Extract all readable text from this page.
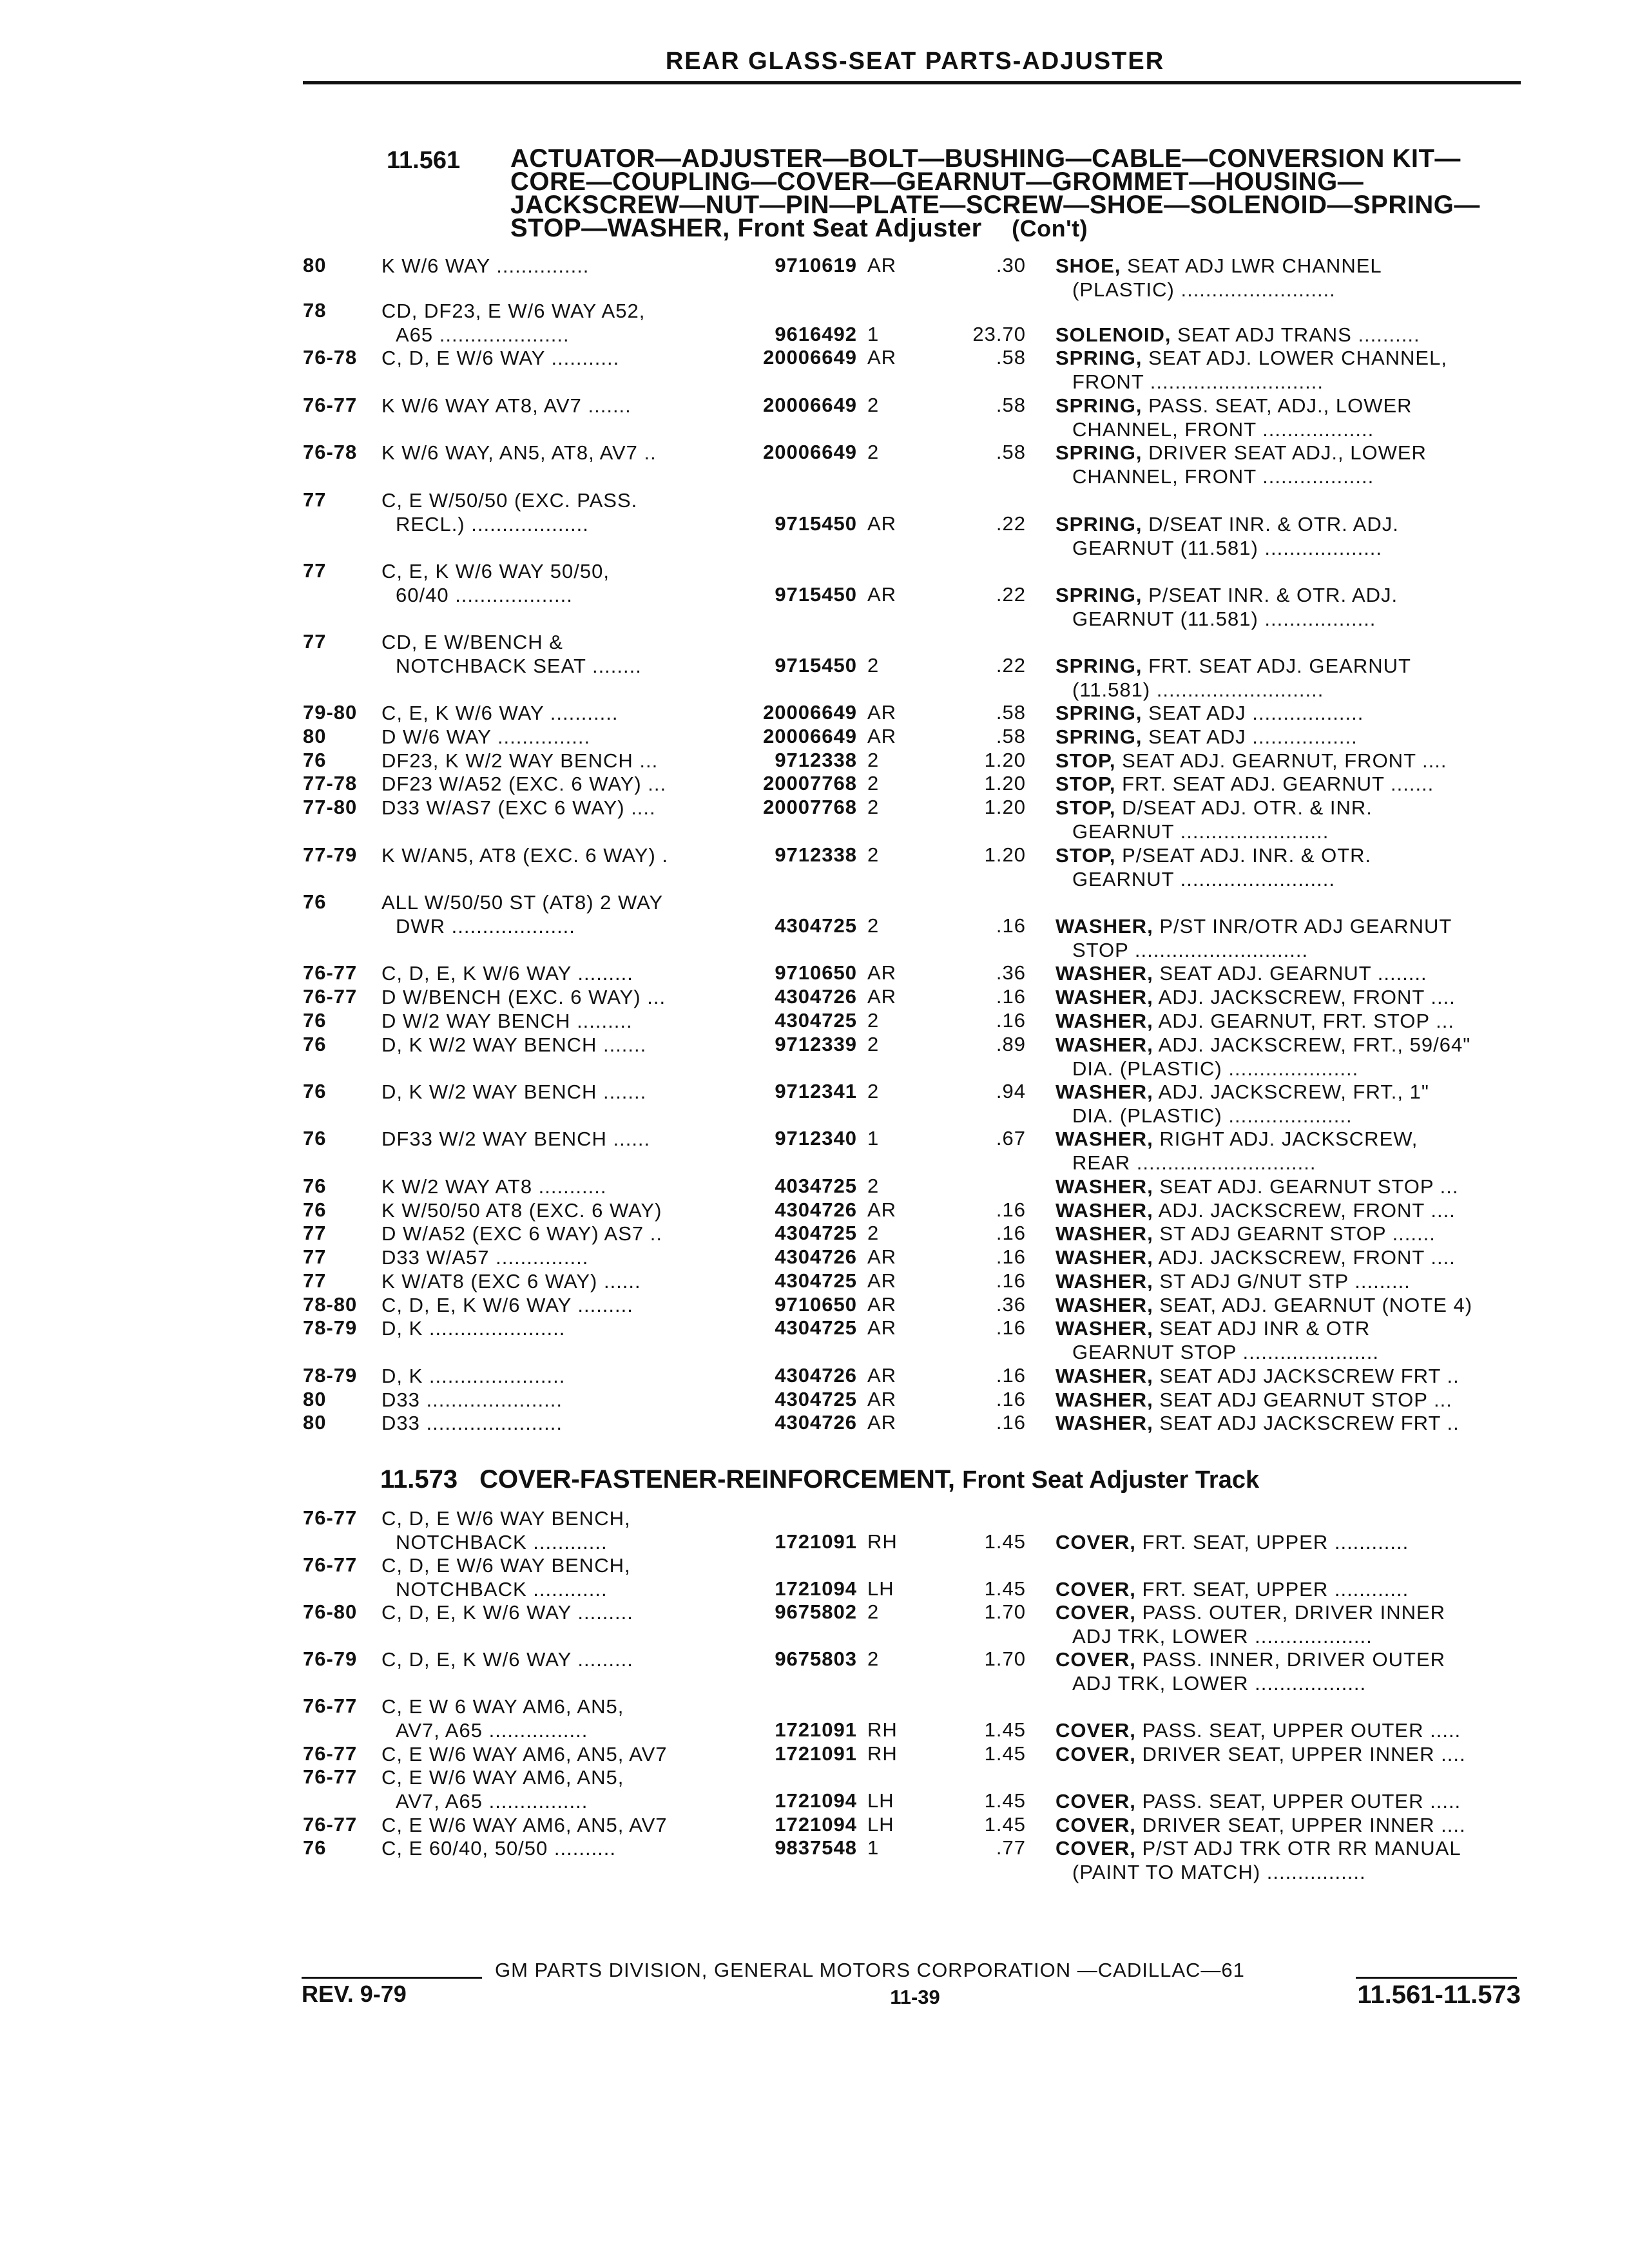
REAR GLASS-SEAT PARTS-ADJUSTER
11.561 ACTUATOR—ADJUSTER—BOLT—BUSHING—CABLE—CONVERSION KIT—
CORE—COUPLING—COVER—GEARNUT—GROMMET—HOUSING—
JACKSCREW—NUT—PIN—PLATE—SCREW—SHOE—SOLENOID—SPRING—
STOP—WASHER, Front Seat Adjuster (Con't)
80	K W/6 WAY ...............	9710619 AR	.30 SHOE, SEAT ADJ LWR CHANNEL
(PLASTIC) .........................
78	CD, DF23, E W/6 WAY A52,
A65 .....................	9616492 1	23.70 SOLENOID, SEAT ADJ TRANS ..........
76-78 C, D, E W/6 WAY ...........	20006649 AR	.58 SPRING, SEAT ADJ. LOWER CHANNEL,
FRONT ............................
76-77 K W/6 WAY AT8, AV7 .......	20006649 2	.58 SPRING, PASS. SEAT, ADJ., LOWER
CHANNEL, FRONT ..................
76-78 K W/6 WAY, AN5, AT8, AV7 ..	20006649 2	.58 SPRING, DRIVER SEAT ADJ., LOWER
CHANNEL, FRONT ..................
77	C, E W/50/50 (EXC. PASS.
RECL.) ...................	9715450 AR	.22 SPRING, D/SEAT INR. & OTR. ADJ.
GEARNUT (11.581) ...................
77	C, E, K W/6 WAY 50/50,
60/40 ...................	9715450 AR	.22 SPRING, P/SEAT INR. & OTR. ADJ.
GEARNUT (11.581) ..................
77	CD, E W/BENCH &
NOTCHBACK SEAT ........	9715450 2	.22 SPRING, FRT. SEAT ADJ. GEARNUT
(11.581) ...........................
79-80 C, E, K W/6 WAY ...........	20006649 AR	.58 SPRING, SEAT ADJ ..................
80	D W/6 WAY ...............	20006649 AR	.58 SPRING, SEAT ADJ .................
76	DF23, K W/2 WAY BENCH ...	9712338 2	1.20 STOP, SEAT ADJ. GEARNUT, FRONT ....
77-78 DF23 W/A52 (EXC. 6 WAY) ...	20007768 2	1.20 STOP, FRT. SEAT ADJ. GEARNUT .......
77-80 D33 W/AS7 (EXC 6 WAY) ....	20007768 2	1.20 STOP, D/SEAT ADJ. OTR. & INR.
GEARNUT ........................
77-79 K W/AN5, AT8 (EXC. 6 WAY) .	9712338 2	1.20 STOP, P/SEAT ADJ. INR. & OTR.
GEARNUT .........................
76	ALL W/50/50 ST (AT8) 2 WAY
DWR ....................	4304725 2	.16 WASHER, P/ST INR/OTR ADJ GEARNUT
STOP ............................
76-77 C, D, E, K W/6 WAY .........	9710650 AR	.36 WASHER, SEAT ADJ. GEARNUT ........
76-77 D W/BENCH (EXC. 6 WAY) ...	4304726 AR	.16 WASHER, ADJ. JACKSCREW, FRONT ....
76	D W/2 WAY BENCH .........	4304725 2	.16 WASHER, ADJ. GEARNUT, FRT. STOP ...
76	D, K W/2 WAY BENCH .......	9712339 2	.89 WASHER, ADJ. JACKSCREW, FRT., 59/64"
DIA. (PLASTIC) .....................
76	D, K W/2 WAY BENCH .......	9712341 2	.94 WASHER, ADJ. JACKSCREW, FRT., 1"
DIA. (PLASTIC) ....................
76	DF33 W/2 WAY BENCH ......	9712340 1	.67 WASHER, RIGHT ADJ. JACKSCREW,
REAR .............................
76	K W/2 WAY AT8 ...........	4034725 2	WASHER, SEAT ADJ. GEARNUT STOP ...
76	K W/50/50 AT8 (EXC. 6 WAY)	4304726 AR	.16 WASHER, ADJ. JACKSCREW, FRONT ....
77	D W/A52 (EXC 6 WAY) AS7 ..	4304725 2	.16 WASHER, ST ADJ GEARNT STOP .......
77	D33 W/A57 ...............	4304726 AR	.16 WASHER, ADJ. JACKSCREW, FRONT ....
77	K W/AT8 (EXC 6 WAY) ......	4304725 AR	.16 WASHER, ST ADJ G/NUT STP .........
78-80 C, D, E, K W/6 WAY .........	9710650 AR	.36 WASHER, SEAT, ADJ. GEARNUT (NOTE 4)
78-79 D, K ......................	4304725 AR	.16 WASHER, SEAT ADJ INR & OTR
GEARNUT STOP ......................
78-79 D, K ......................	4304726 AR	.16 WASHER, SEAT ADJ JACKSCREW FRT ..
80	D33 ......................	4304725 AR	.16 WASHER, SEAT ADJ GEARNUT STOP ...
80	D33 ......................	4304726 AR	.16 WASHER, SEAT ADJ JACKSCREW FRT ..
11.573 COVER-FASTENER-REINFORCEMENT, Front Seat Adjuster Track
76-77 C, D, E W/6 WAY BENCH,
NOTCHBACK ............	1721091 RH	1.45 COVER, FRT. SEAT, UPPER ............
76-77 C, D, E W/6 WAY BENCH,
NOTCHBACK ............	1721094 LH	1.45 COVER, FRT. SEAT, UPPER ............
76-80 C, D, E, K W/6 WAY .........	9675802 2	1.70 COVER, PASS. OUTER, DRIVER INNER
ADJ TRK, LOWER ...................
76-79 C, D, E, K W/6 WAY .........	9675803 2	1.70 COVER, PASS. INNER, DRIVER OUTER
ADJ TRK, LOWER ..................
76-77 C, E W 6 WAY AM6, AN5,
AV7, A65 ................	1721091 RH	1.45 COVER, PASS. SEAT, UPPER OUTER .....
76-77 C, E W/6 WAY AM6, AN5, AV7	1721091 RH	1.45 COVER, DRIVER SEAT, UPPER INNER ....
76-77 C, E W/6 WAY AM6, AN5,
AV7, A65 ................	1721094 LH	1.45 COVER, PASS. SEAT, UPPER OUTER .....
76-77 C, E W/6 WAY AM6, AN5, AV7	1721094 LH	1.45 COVER, DRIVER SEAT, UPPER INNER ....
76	C, E 60/40, 50/50 ..........	9837548 1	.77 COVER, P/ST ADJ TRK OTR RR MANUAL
(PAINT TO MATCH) ................
GM PARTS DIVISION, GENERAL MOTORS CORPORATION —CADILLAC—61
REV. 9-79	11-39	11.561-11.573
